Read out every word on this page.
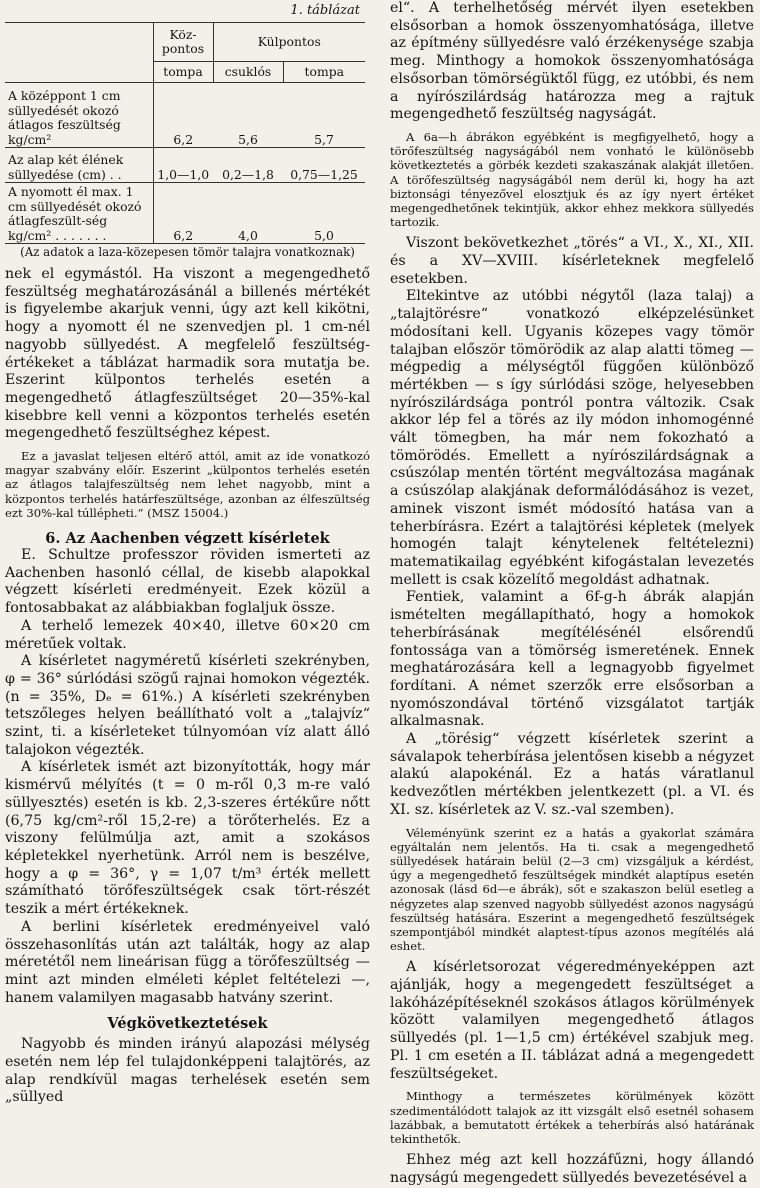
1. táblázat
	Köz-pontos	Külpontos	
	tompa	csuklós	tompa
A középpont 1 cm süllyedését okozó átlagos feszültség kg/cm²	6,2	5,6	5,7
Az alap két élének süllyedése (cm) . .	1,0—1,0	0,2—1,8	0,75—1,25
A nyomott él max. 1 cm süllyedését okozó átlagfeszült-ség kg/cm² . . . . . . .	6,2	4,0	5,0
(Az adatok a laza-közepesen tömör talajra vonatkoznak)

nek el egymástól. Ha viszont a megengedhető feszültség meghatározásánál a billenés mértékét is figyelembe akarjuk venni, úgy azt kell kikötni, hogy a nyomott él ne szenvedjen pl. 1 cm-nél nagyobb süllyedést. A megfelelő feszültség-értékeket a táblázat harmadik sora mutatja be. Eszerint külpontos terhelés esetén a megengedhető átlagfeszültséget 20—35%-kal kisebbre kell venni a központos terhelés esetén megengedhető feszültséghez képest.

Ez a javaslat teljesen eltérő attól, amit az ide vonatkozó magyar szabvány előír. Eszerint „külpontos terhelés esetén az átlagos talajfeszültség nem lehet nagyobb, mint a központos terhelés határfeszültsége, azonban az élfeszültség ezt 30%-kal túllépheti.“ (MSZ 15004.)

6. Az Aachenben végzett kísérletek

E. Schultze professzor röviden ismerteti az Aachenben hasonló céllal, de kisebb alapokkal végzett kísérleti eredményeit. Ezek közül a fontosabbakat az alábbiakban foglaljuk össze.

A terhelő lemezek 40×40, illetve 60×20 cm méretűek voltak.

A kísérletet nagyméretű kísérleti szekrényben, φ = 36° súrlódási szögű rajnai homokon végezték. (n = 35%, Dₑ = 61%.) A kísérleti szekrényben tetszőleges helyen beállítható volt a „talajvíz“ szint, ti. a kísérleteket túlnyomóan víz alatt álló talajokon végezték.

A kísérletek ismét azt bizonyították, hogy már kismérvű mélyítés (t = 0 m-ről 0,3 m-re való süllyesztés) esetén is kb. 2,3-szeres értékűre nőtt (6,75 kg/cm²-ről 15,2-re) a törőterhelés. Ez a viszony felülmúlja azt, amit a szokásos képletekkel nyerhetünk. Arról nem is beszélve, hogy a φ = 36°, γ = 1,07 t/m³ érték mellett számítható törőfeszültségek csak tört-részét teszik a mért értékeknek.

A berlini kísérletek eredményeivel való összehasonlítás után azt találták, hogy az alap méretétől nem lineárisan függ a törőfeszültség — mint azt minden elméleti képlet feltételezi —, hanem valamilyen magasabb hatvány szerint.

Végkövetkeztetések

Nagyobb és minden irányú alapozási mélység esetén nem lép fel tulajdonképpeni talajtörés, az alap rendkívül magas terhelések esetén sem „süllyed

el“. A terhelhetőség mérvét ilyen esetekben elsősorban a homok összenyomhatósága, illetve az építmény süllyedésre való érzékenysége szabja meg. Minthogy a homokok összenyomhatósága elsősorban tömörségüktől függ, ez utóbbi, és nem a nyírószilárdság határozza meg a rajtuk megengedhető feszültség nagyságát.

A 6a—h ábrákon egyébként is megfigyelhető, hogy a törőfeszültség nagyságából nem vonható le különösebb következtetés a görbék kezdeti szakaszának alakját illetően. A törőfeszültség nagyságából nem derül ki, hogy ha azt biztonsági tényezővel elosztjuk és az így nyert értéket megengedhetőnek tekintjük, akkor ehhez mekkora süllyedés tartozik.

Viszont bekövetkezhet „törés“ a VI., X., XI., XII. és a XV—XVIII. kísérleteknek megfelelő esetekben.

Eltekintve az utóbbi négytől (laza talaj) a „talajtörésre“ vonatkozó elképzelésünket módosítani kell. Ugyanis közepes vagy tömör talajban először tömörödik az alap alatti tömeg — mégpedig a mélységtől függően különböző mértékben — s így súrlódási szöge, helyesebben nyírószilárdsága pontról pontra változik. Csak akkor lép fel a törés az ily módon inhomogénné vált tömegben, ha már nem fokozható a tömörödés. Emellett a nyírószilárdságnak a csúszólap mentén történt megváltozása magának a csúszólap alakjának deformálódásához is vezet, aminek viszont ismét módosító hatása van a teherbírásra. Ezért a talajtörési képletek (melyek homogén talajt kénytelenek feltételezni) matematikailag egyébként kifogástalan levezetés mellett is csak közelítő megoldást adhatnak.

Fentiek, valamint a 6f-g-h ábrák alapján ismételten megállapítható, hogy a homokok teherbírásának megítélésénél elsőrendű fontossága van a tömörség ismeretének. Ennek meghatározására kell a legnagyobb figyelmet fordítani. A német szerzők erre elsősorban a nyomószondával történő vizsgálatot tartják alkalmasnak.

A „törésig“ végzett kísérletek szerint a sávalapok teherbírása jelentősen kisebb a négyzet alakú alapokénál. Ez a hatás váratlanul kedvezőtlen mértékben jelentkezett (pl. a VI. és XI. sz. kísérletek az V. sz.-val szemben).

Véleményünk szerint ez a hatás a gyakorlat számára egyáltalán nem jelentős. Ha ti. csak a megengedhető süllyedések határain belül (2—3 cm) vizsgáljuk a kérdést, úgy a megengedhető feszültségek mindkét alaptípus esetén azonosak (lásd 6d—e ábrák), sőt e szakaszon belül esetleg a négyzetes alap szenved nagyobb süllyedést azonos nagyságú feszültség hatására. Eszerint a megengedhető feszültségek szempontjából mindkét alaptest-típus azonos megítélés alá eshet.

A kísérletsorozat végeredményeképpen azt ajánlják, hogy a megengedett feszültséget a lakóházépítéseknél szokásos átlagos körülmények között valamilyen megengedhető átlagos süllyedés (pl. 1—1,5 cm) értékével szabjuk meg. Pl. 1 cm esetén a II. táblázat adná a megengedett feszültségeket.

Minthogy a természetes körülmények között szedimentálódott talajok az itt vizsgált első esetnél sohasem lazábbak, a bemutatott értékek a teherbírás alsó határának tekinthetők.

Ehhez még azt kell hozzáfűzni, hogy állandó nagyságú megengedett süllyedés bevezetésével a
